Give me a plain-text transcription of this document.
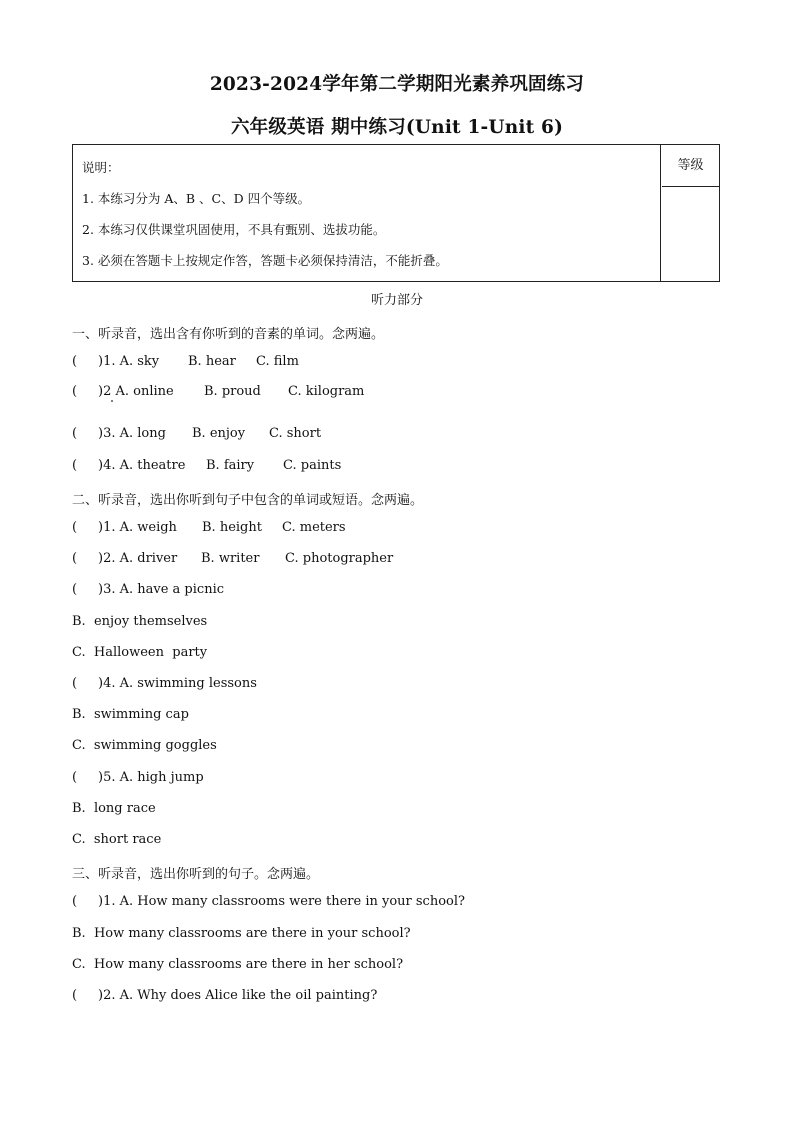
2023-2024学年第二学期阳光素养巩固练习
六年级英语 期中练习(Unit 1-Unit 6)
说明：
1. 本练习分为 A、B 、C、D 四个等级。
2. 本练习仅供课堂巩固使用，不具有甄别、选拔功能。
3. 必须在答题卡上按规定作答，答题卡必须保持清洁，不能折叠。
等级
听力部分
一、听录音，选出含有你听到的音素的单词。念两遍。
( )1. A. sky B. hear C. film
( )2 A. online B. proud C. kilogram
( )3. A. long B. enjoy C. short
( )4. A. theatre B. fairy C. paints
二、听录音，选出你听到句子中包含的单词或短语。念两遍。
( )1. A. weigh B. height C. meters
( )2. A. driver B. writer C. photographer
( )3. A. have a picnic
B.  enjoy themselves
C.  Halloween  party
( )4. A. swimming lessons
B.  swimming cap
C.  swimming goggles
( )5. A. high jump
B.  long race
C.  short race
三、听录音，选出你听到的句子。念两遍。
( )1. A. How many classrooms were there in your school?
B.  How many classrooms are there in your school?
C.  How many classrooms are there in her school?
( )2. A. Why does Alice like the oil painting?
